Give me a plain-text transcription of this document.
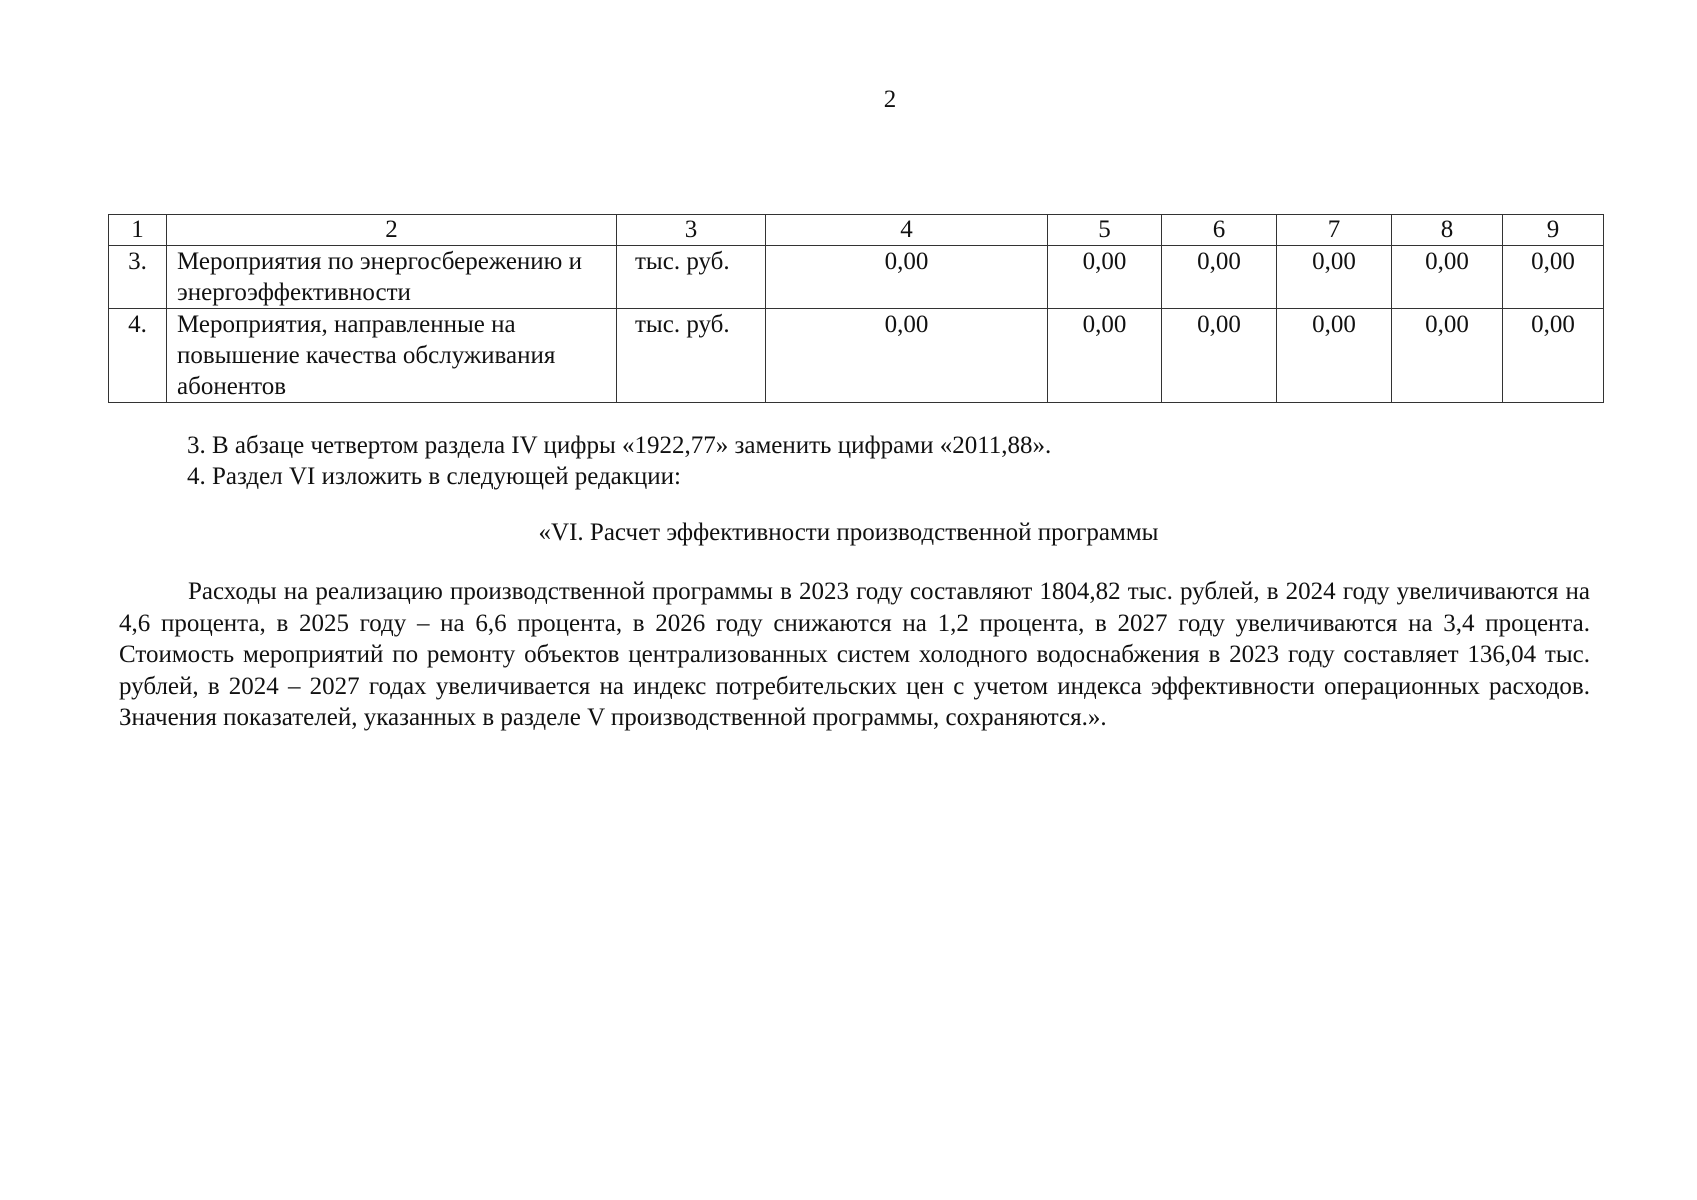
2
1	2	3	4	5	6	7	8	9
3.	Мероприятия по энергосбережению и энергоэффективности	тыс. руб.	0,00	0,00	0,00	0,00	0,00	0,00
4.	Мероприятия, направленные на повышение качества обслуживания абонентов	тыс. руб.	0,00	0,00	0,00	0,00	0,00	0,00

3. В абзаце четвертом раздела IV цифры «1922,77» заменить цифрами «2011,88».

4. Раздел VI изложить в следующей редакции:

«VI. Расчет эффективности производственной программы

Расходы на реализацию производственной программы в 2023 году составляют 1804,82 тыс. рублей, в 2024 году увеличиваются на 4,6 процента, в 2025 году – на 6,6 процента, в 2026 году снижаются на 1,2 процента, в 2027 году увеличиваются на 3,4 процента. Стоимость мероприятий по ремонту объектов централизованных систем холодного водоснабжения в 2023 году составляет 136,04 тыс. рублей, в 2024 – 2027 годах увеличивается на индекс потребительских цен с учетом индекса эффективности операционных расходов. Значения показателей, указанных в разделе V производственной программы, сохраняются.».
